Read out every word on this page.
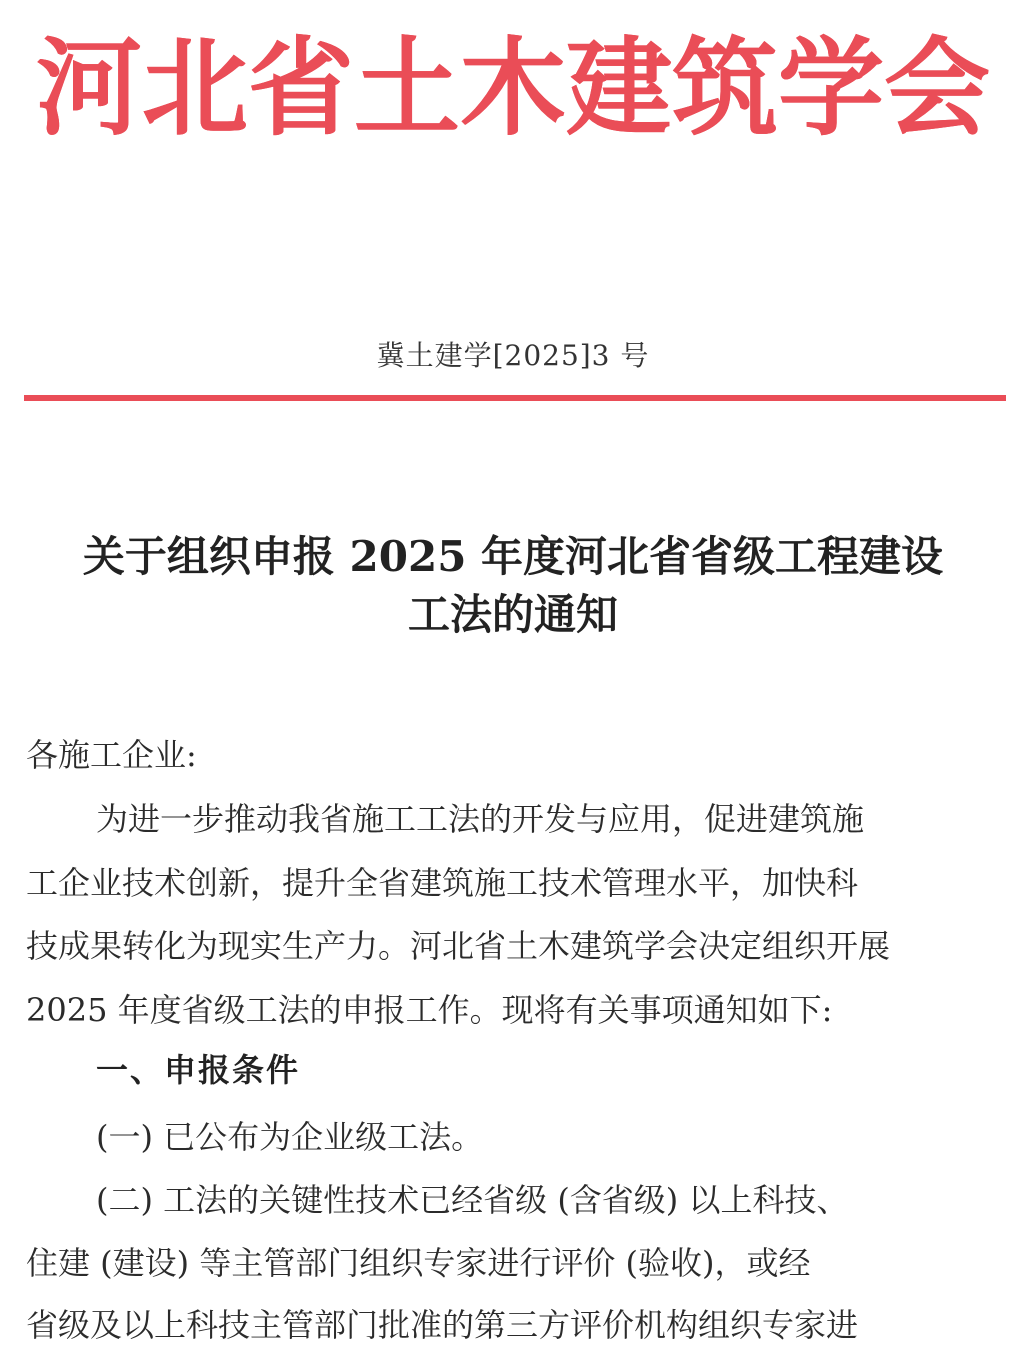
河北省土木建筑学会
冀土建学[2025]3 号
关于组织申报 2025 年度河北省省级工程建设
工法的通知
各施工企业:
为进一步推动我省施工工法的开发与应用，促进建筑施
工企业技术创新，提升全省建筑施工技术管理水平，加快科
技成果转化为现实生产力。河北省土木建筑学会决定组织开展
2025 年度省级工法的申报工作。现将有关事项通知如下:
一、申报条件
(一) 已公布为企业级工法。
(二) 工法的关键性技术已经省级 (含省级) 以上科技、
住建 (建设) 等主管部门组织专家进行评价 (验收)，或经
省级及以上科技主管部门批准的第三方评价机构组织专家进
